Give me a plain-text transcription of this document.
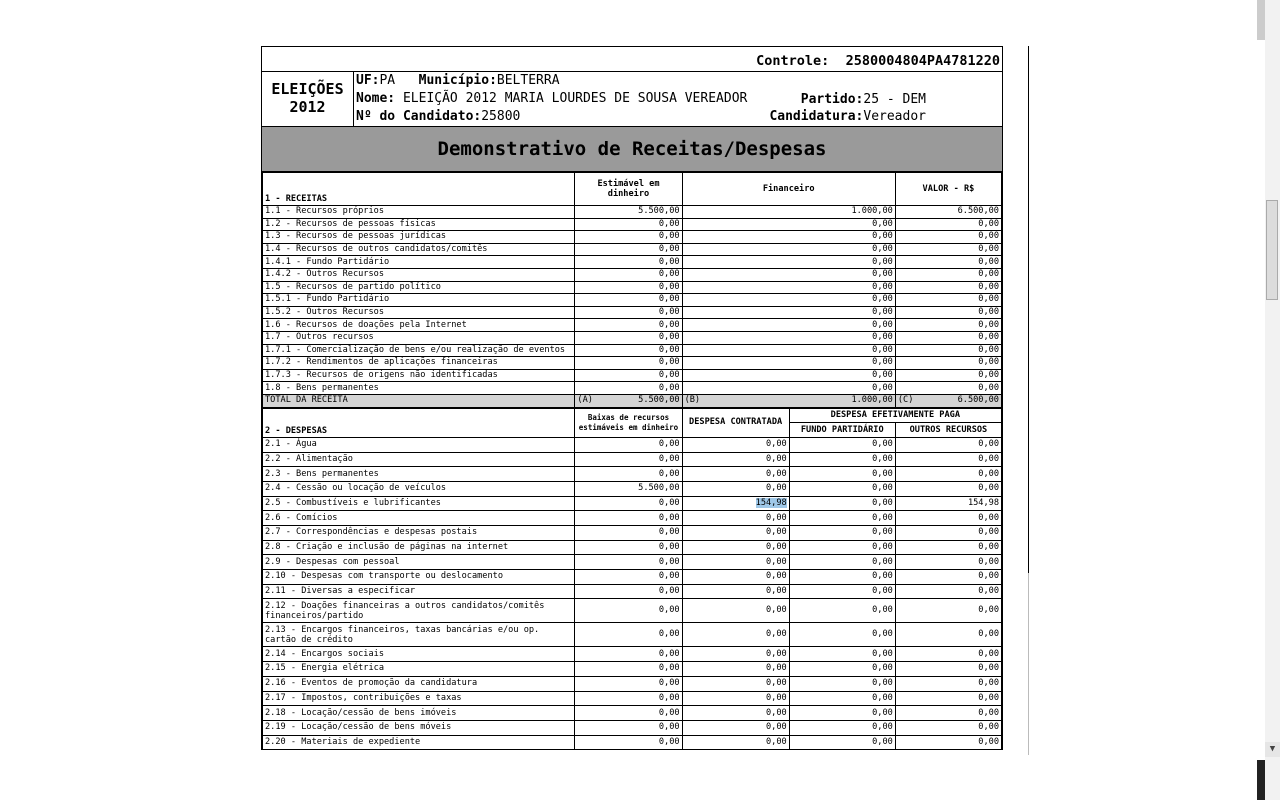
Controle: 2580004804PA4781220
ELEIÇÕES
2012
UF:PA Município:BELTERRA
Nome: ELEIÇÃO 2012 MARIA LOURDES DE SOUSA VEREADOR
Nº do Candidato:25800
Partido:25 - DEM
Candidatura:Vereador
Demonstrativo de Receitas/Despesas
1 - RECEITAS	Estimável em dinheiro	Financeiro	VALOR - R$
1.1 - Recursos próprios	5.500,00	1.000,00	6.500,00
1.2 - Recursos de pessoas físicas	0,00	0,00	0,00
1.3 - Recursos de pessoas jurídicas	0,00	0,00	0,00
1.4 - Recursos de outros candidatos/comitês	0,00	0,00	0,00
1.4.1 - Fundo Partidário	0,00	0,00	0,00
1.4.2 - Outros Recursos	0,00	0,00	0,00
1.5 - Recursos de partido político	0,00	0,00	0,00
1.5.1 - Fundo Partidário	0,00	0,00	0,00
1.5.2 - Outros Recursos	0,00	0,00	0,00
1.6 - Recursos de doações pela Internet	0,00	0,00	0,00
1.7 - Outros recursos	0,00	0,00	0,00
1.7.1 - Comercialização de bens e/ou realização de eventos	0,00	0,00	0,00
1.7.2 - Rendimentos de aplicações financeiras	0,00	0,00	0,00
1.7.3 - Recursos de origens não identificadas	0,00	0,00	0,00
1.8 - Bens permanentes	0,00	0,00	0,00
TOTAL DA RECEITA	(A) 5.500,00	(B) 1.000,00	(C) 6.500,00
2 - DESPESAS	Baixas de recursos estimáveis em dinheiro	DESPESA CONTRATADA	DESPESA EFETIVAMENTE PAGA	
			FUNDO PARTIDÁRIO	OUTROS RECURSOS
2.1 - Água	0,00	0,00	0,00	0,00
2.2 - Alimentação	0,00	0,00	0,00	0,00
2.3 - Bens permanentes	0,00	0,00	0,00	0,00
2.4 - Cessão ou locação de veículos	5.500,00	0,00	0,00	0,00
2.5 - Combustíveis e lubrificantes	0,00	154,98	0,00	154,98
2.6 - Comícios	0,00	0,00	0,00	0,00
2.7 - Correspondências e despesas postais	0,00	0,00	0,00	0,00
2.8 - Criação e inclusão de páginas na internet	0,00	0,00	0,00	0,00
2.9 - Despesas com pessoal	0,00	0,00	0,00	0,00
2.10 - Despesas com transporte ou deslocamento	0,00	0,00	0,00	0,00
2.11 - Diversas a especificar	0,00	0,00	0,00	0,00
2.12 - Doações financeiras a outros candidatos/comitês financeiros/partido	0,00	0,00	0,00	0,00
2.13 - Encargos financeiros, taxas bancárias e/ou op. cartão de crédito	0,00	0,00	0,00	0,00
2.14 - Encargos sociais	0,00	0,00	0,00	0,00
2.15 - Energia elétrica	0,00	0,00	0,00	0,00
2.16 - Eventos de promoção da candidatura	0,00	0,00	0,00	0,00
2.17 - Impostos, contribuições e taxas	0,00	0,00	0,00	0,00
2.18 - Locação/cessão de bens imóveis	0,00	0,00	0,00	0,00
2.19 - Locação/cessão de bens móveis	0,00	0,00	0,00	0,00
2.20 - Materiais de expediente	0,00	0,00	0,00	0,00
▼
